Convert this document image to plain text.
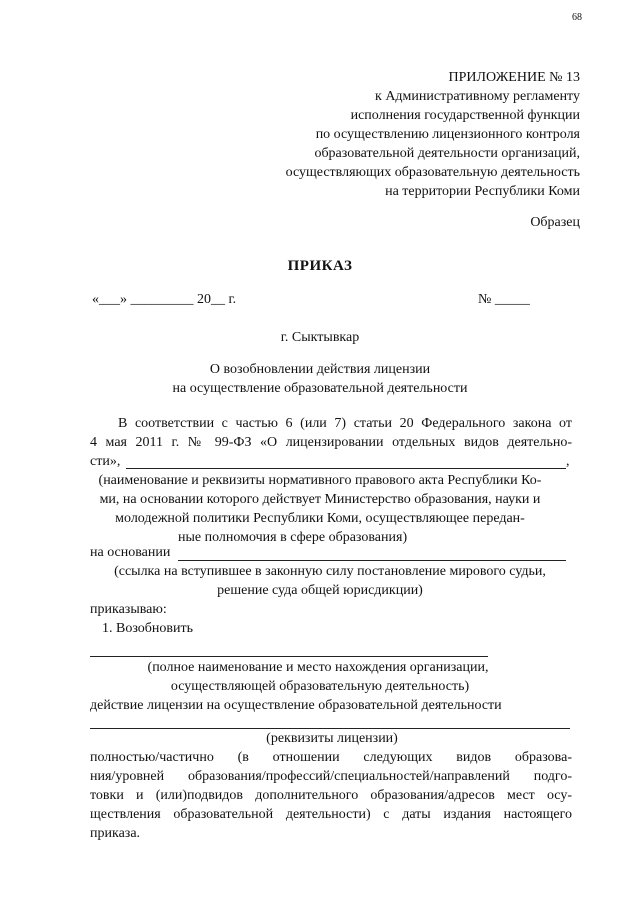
68
ПРИЛОЖЕНИЕ № 13
к Административному регламенту
исполнения государственной функции
по осуществлению лицензионного контроля
образовательной деятельности организаций,
осуществляющих образовательную деятельность
на территории Республики Коми
Образец
ПРИКАЗ
«___» _________ 20__ г.	№ _____
г. Сыктывкар
О возобновлении действия лицензии
на осуществление образовательной деятельности
В соответствии с частью 6 (или 7) статьи 20 Федерального закона от
4 мая 2011 г. № 99-ФЗ «О лицензировании отдельных видов деятельно-
сти»,	,
(наименование и реквизиты нормативного правового акта Республики Ко-
ми, на основании которого действует Министерство образования, науки и
молодежной политики Республики Коми, осуществляющее передан-
ные полномочия в сфере образования)
на основании
(ссылка на вступившее в законную силу постановление мирового судьи,
решение суда общей юрисдикции)
приказываю:
1. Возобновить
(полное наименование и место нахождения организации,
осуществляющей образовательную деятельность)
действие лицензии на осуществление образовательной деятельности
(реквизиты лицензии)
полностью/частично (в отношении следующих видов образова-
ния/уровней образования/профессий/специальностей/направлений подго-
товки и (или)подвидов дополнительного образования/адресов мест осу-
ществления образовательной деятельности) с даты издания настоящего
приказа.
